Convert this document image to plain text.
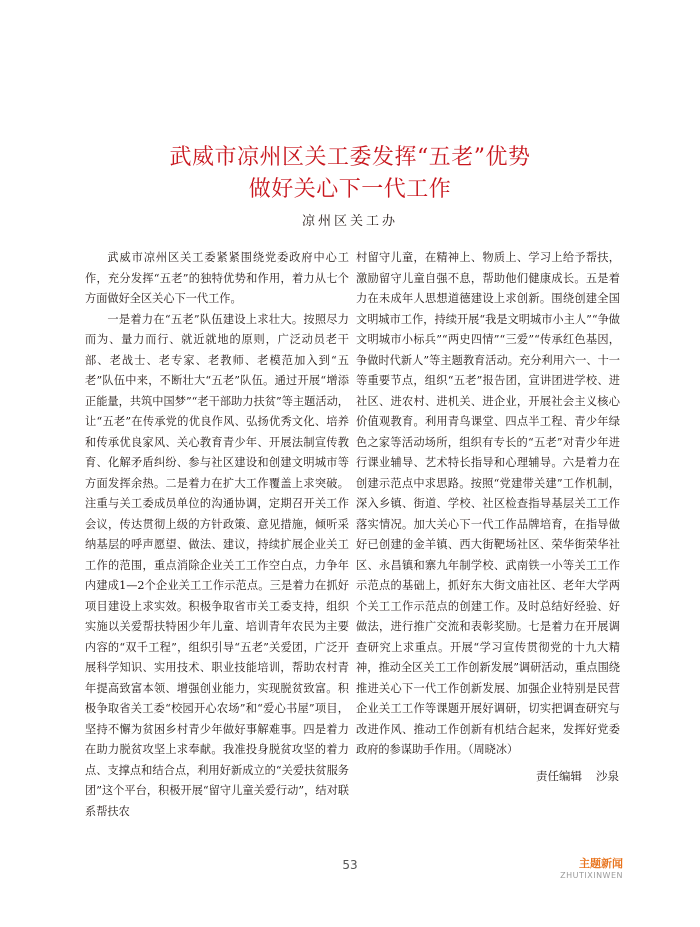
武威市凉州区关工委发挥“五老”优势
做好关心下一代工作
凉州区关工办

武威市凉州区关工委紧紧围绕党委政府中心工作，充分发挥“五老”的独特优势和作用，着力从七个方面做好全区关心下一代工作。

一是着力在“五老”队伍建设上求壮大。按照尽力而为、量力而行、就近就地的原则，广泛动员老干部、老战士、老专家、老教师、老模范加入到“五老”队伍中来，不断壮大“五老”队伍。通过开展“增添正能量，共筑中国梦”“老干部助力扶贫”等主题活动，让“五老”在传承党的优良作风、弘扬优秀文化、培养和传承优良家风、关心教育青少年、开展法制宣传教育、化解矛盾纠纷、参与社区建设和创建文明城市等方面发挥余热。二是着力在扩大工作覆盖上求突破。注重与关工委成员单位的沟通协调，定期召开关工作会议，传达贯彻上级的方针政策、意见措施，倾听采纳基层的呼声愿望、做法、建议，持续扩展企业关工工作的范围，重点消除企业关工工作空白点，力争年内建成1—2个企业关工工作示范点。三是着力在抓好项目建设上求实效。积极争取省市关工委支持，组织实施以关爱帮扶特困少年儿童、培训青年农民为主要内容的“双千工程”，组织引导“五老”关爱团，广泛开展科学知识、实用技术、职业技能培训，帮助农村青年提高致富本领、增强创业能力，实现脱贫致富。积极争取省关工委“校园开心农场”和“爱心书屋”项目，坚持不懈为贫困乡村青少年做好事解难事。四是着力在助力脱贫攻坚上求奉献。我准投身脱贫攻坚的着力点、支撑点和结合点，利用好新成立的“关爱扶贫服务团”这个平台，积极开展“留守儿童关爱行动”，结对联系帮扶农

村留守儿童，在精神上、物质上、学习上给予帮扶，激励留守儿童自强不息，帮助他们健康成长。五是着力在未成年人思想道德建设上求创新。围绕创建全国文明城市工作，持续开展“我是文明城市小主人”“争做文明城市小标兵”“两史四情”“三爱”“传承红色基因，争做时代新人”等主题教育活动。充分利用六一、十一等重要节点，组织“五老”报告团，宣讲团进学校、进社区、进农村、进机关、进企业，开展社会主义核心价值观教育。利用青鸟课堂、四点半工程、青少年绿色之家等活动场所，组织有专长的“五老”对青少年进行课业辅导、艺术特长指导和心理辅导。六是着力在创建示范点中求思路。按照“党建带关建”工作机制，深入乡镇、街道、学校、社区检查指导基层关工工作落实情况。加大关心下一代工作品牌培育，在指导做好已创建的金羊镇、西大街靶场社区、荣华街荣华社区、永昌镇和寨九年制学校、武南铁一小等关工工作示范点的基础上，抓好东大街文庙社区、老年大学两个关工工作示范点的创建工作。及时总结好经验、好做法，进行推广交流和表彰奖励。七是着力在开展调查研究上求重点。开展“学习宣传贯彻党的十九大精神，推动全区关工工作创新发展”调研活动，重点围绕推进关心下一代工作创新发展、加强企业特别是民营企业关工工作等课题开展好调研，切实把调查研究与改进作风、推动工作创新有机结合起来，发挥好党委政府的参谋助手作用。（周晓冰）

责任编辑 沙泉
53	主题新闻
ZHUTIXINWEN
